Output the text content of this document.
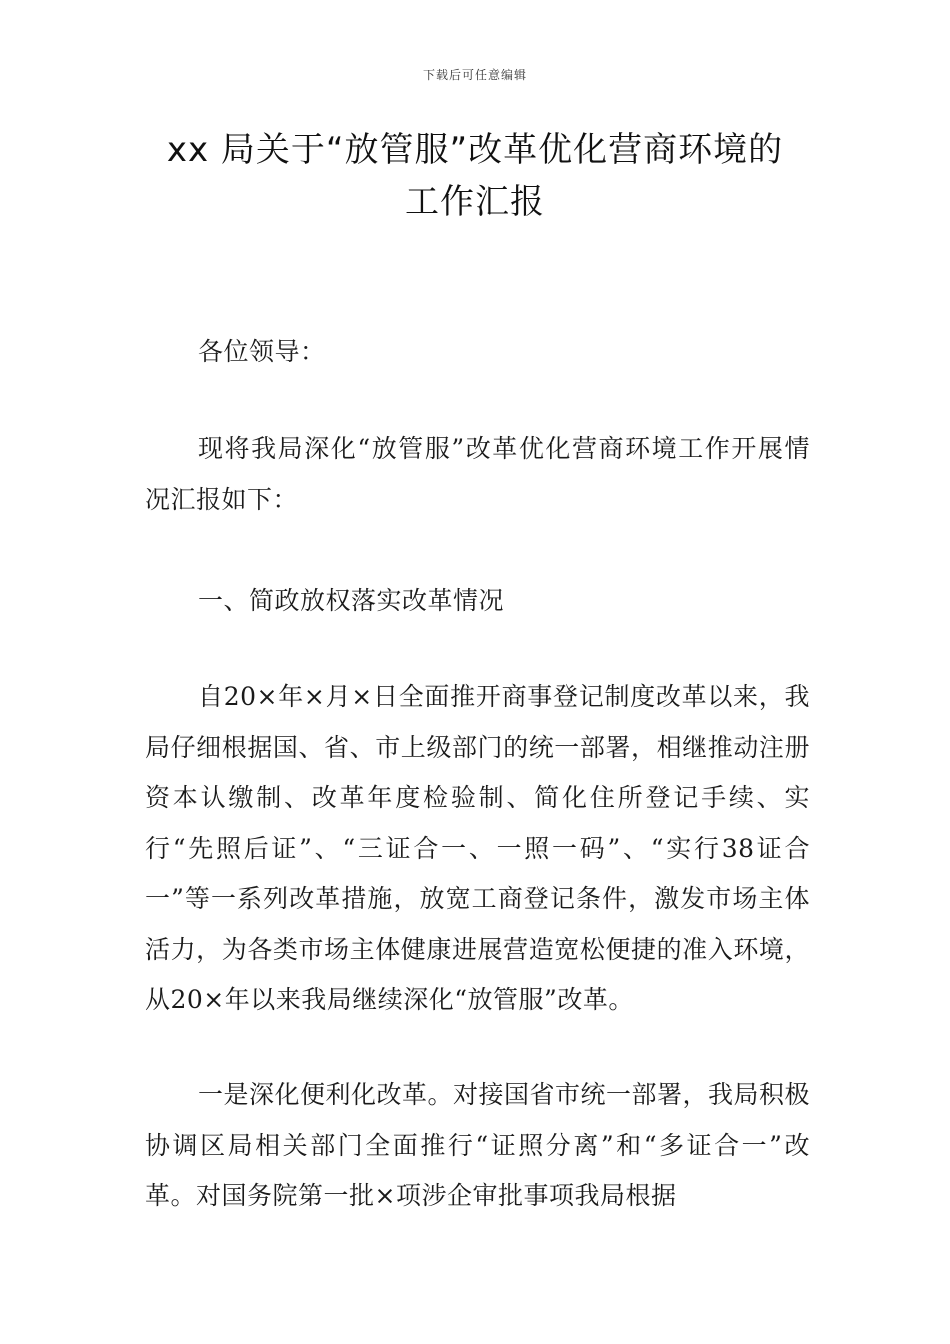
下载后可任意编辑
xx 局关于“放管服”改革优化营商环境的
工作汇报

各位领导：

现将我局深化“放管服”改革优化营商环境工作开展情况汇报如下：

一、简政放权落实改革情况

自20×年×月×日全面推开商事登记制度改革以来，我局仔细根据国、省、市上级部门的统一部署，相继推动注册资本认缴制、改革年度检验制、简化住所登记手续、实行“先照后证”、“三证合一、一照一码”、“实行38证合一”等一系列改革措施，放宽工商登记条件，激发市场主体活力，为各类市场主体健康进展营造宽松便捷的准入环境，从20×年以来我局继续深化“放管服”改革。

一是深化便利化改革。对接国省市统一部署，我局积极协调区局相关部门全面推行“证照分离”和“多证合一”改革。对国务院第一批×项涉企审批事项我局根据
